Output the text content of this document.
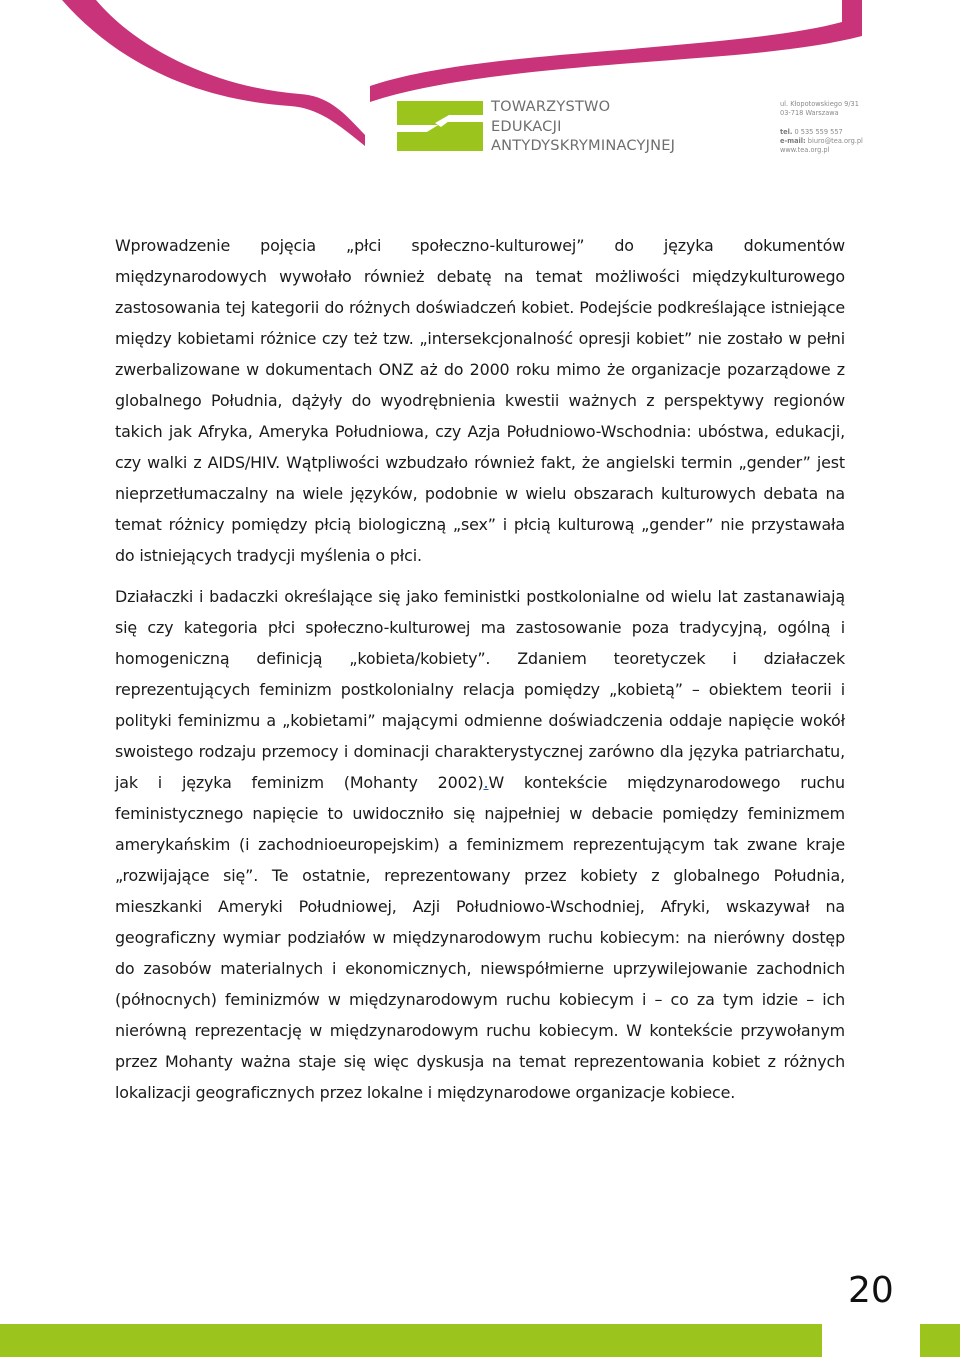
TOWARZYSTWO
EDUKACJI
ANTYDYSKRYMINACYJNEJ
ul. Kłopotowskiego 9/31
03-718 Warszawa
tel. 0 535 559 557
e-mail: biuro@tea.org.pl
www.tea.org.pl

Wprowadzenie pojęcia „płci społeczno-kulturowej” do języka dokumentów międzynarodowych wywołało również debatę na temat możliwości międzykulturowego zastosowania tej kategorii do różnych doświadczeń kobiet. Podejście podkreślające istniejące między kobietami różnice czy też tzw. „intersekcjonalność opresji kobiet” nie zostało w pełni zwerbalizowane w dokumentach ONZ aż do 2000 roku mimo że organizacje pozarządowe z globalnego Południa, dążyły do wyodrębnienia kwestii ważnych z perspektywy regionów takich jak Afryka, Ameryka Południowa, czy Azja Południowo-Wschodnia: ubóstwa, edukacji, czy walki z AIDS/HIV. Wątpliwości wzbudzało również fakt, że angielski termin „gender” jest nieprzetłumaczalny na wiele języków, podobnie w wielu obszarach kulturowych debata na temat różnicy pomiędzy płcią biologiczną „sex” i płcią kulturową „gender” nie przystawała do istniejących tradycji myślenia o płci.

Działaczki i badaczki określające się jako feministki postkolonialne od wielu lat zastanawiają się czy kategoria płci społeczno-kulturowej ma zastosowanie poza tradycyjną, ogólną i homogeniczną definicją „kobieta/kobiety”. Zdaniem teoretyczek i działaczek reprezentujących feminizm postkolonialny relacja pomiędzy „kobietą” – obiektem teorii i polityki feminizmu a „kobietami” mającymi odmienne doświadczenia oddaje napięcie wokół swoistego rodzaju przemocy i dominacji charakterystycznej zarówno dla języka patriarchatu, jak i języka feminizm (Mohanty 2002).W kontekście międzynarodowego ruchu feministycznego napięcie to uwidoczniło się najpełniej w debacie pomiędzy feminizmem amerykańskim (i zachodnioeuropejskim) a feminizmem reprezentującym tak zwane kraje „rozwijające się”. Te ostatnie, reprezentowany przez kobiety z globalnego Południa, mieszkanki Ameryki Południowej, Azji Południowo-Wschodniej, Afryki, wskazywał na geograficzny wymiar podziałów w międzynarodowym ruchu kobiecym: na nierówny dostęp do zasobów materialnych i ekonomicznych, niewspółmierne uprzywilejowanie zachodnich (północnych) feminizmów w międzynarodowym ruchu kobiecym i – co za tym idzie – ich nierówną reprezentację w międzynarodowym ruchu kobiecym. W kontekście przywołanym przez Mohanty ważna staje się więc dyskusja na temat reprezentowania kobiet z różnych lokalizacji geograficznych przez lokalne i międzynarodowe organizacje kobiece.

20
